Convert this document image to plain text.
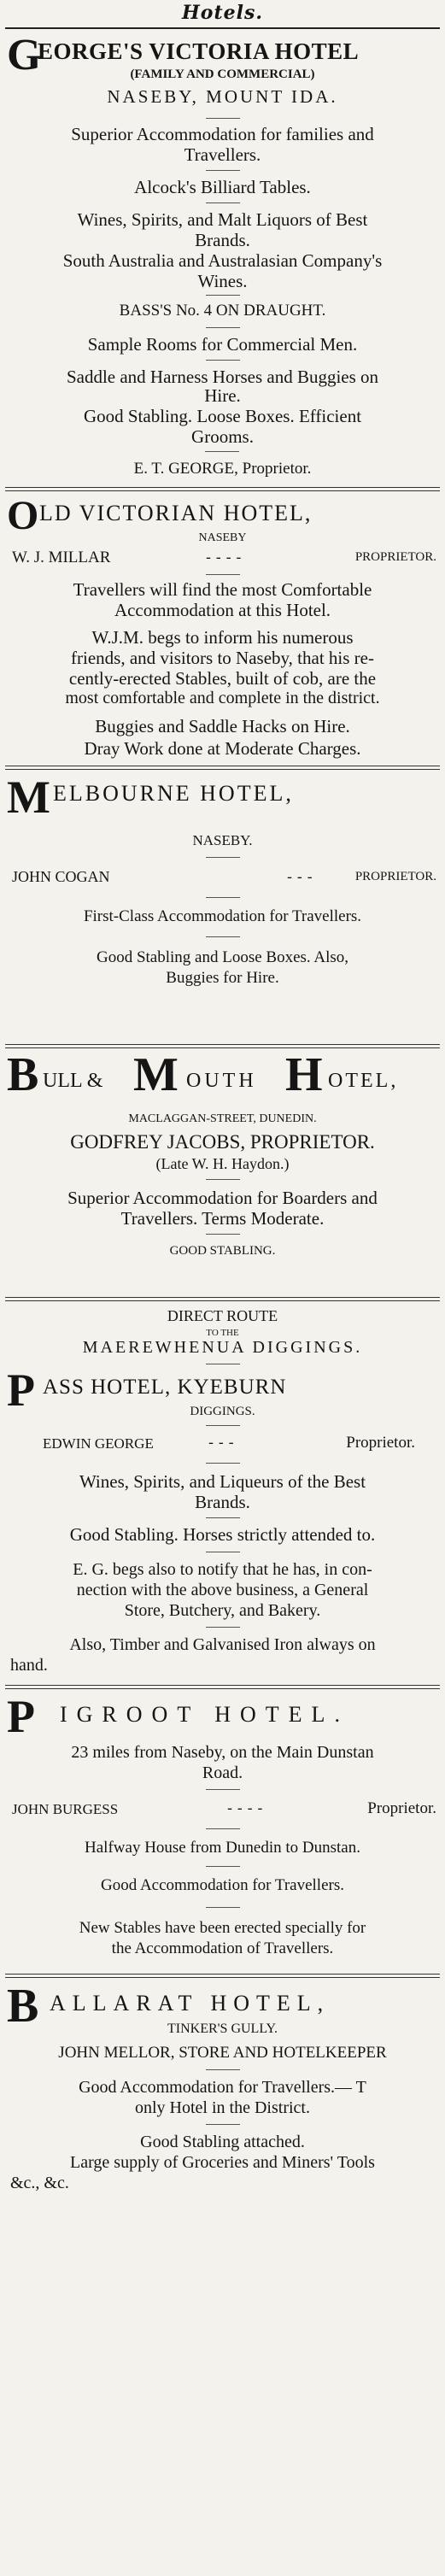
Hotels.
G
EORGE'S VICTORIA HOTEL
(FAMILY AND COMMERCIAL)
NASEBY, MOUNT IDA.
Superior Accommodation for families and
Travellers.
Alcock's Billiard Tables.
Wines, Spirits, and Malt Liquors of Best
Brands.
South Australia and Australasian Company's
Wines.
BASS'S No. 4 ON DRAUGHT.
Sample Rooms for Commercial Men.
Saddle and Harness Horses and Buggies on
Hire.
Good Stabling. Loose Boxes. Efficient
Grooms.
E. T. GEORGE, Proprietor.
O LD VICTORIAN HOTEL,
NASEBY
W. J. MILLAR	- - - -	PROPRIETOR.
Travellers will find the most Comfortable
Accommodation at this Hotel.
W.J.M. begs to inform his numerous
friends, and visitors to Naseby, that his re-
cently-erected Stables, built of cob, are the
most comfortable and complete in the district.
Buggies and Saddle Hacks on Hire.
Dray Work done at Moderate Charges.
M ELBOURNE HOTEL,
NASEBY.
JOHN COGAN	- - -	PROPRIETOR.
First-Class Accommodation for Travellers.
Good Stabling and Loose Boxes. Also,
Buggies for Hire.
B ULL & M OUTH H OTEL,
MACLAGGAN-STREET, DUNEDIN.
GODFREY JACOBS, PROPRIETOR.
(Late W. H. Haydon.)
Superior Accommodation for Boarders and
Travellers. Terms Moderate.
GOOD STABLING.
DIRECT ROUTE
TO THE
MAEREWHENUA DIGGINGS.
P ASS HOTEL, KYEBURN
DIGGINGS.
EDWIN GEORGE	- - -	Proprietor.
Wines, Spirits, and Liqueurs of the Best
Brands.
Good Stabling. Horses strictly attended to.
E. G. begs also to notify that he has, in con-
nection with the above business, a General
Store, Butchery, and Bakery.
Also, Timber and Galvanised Iron always on
hand.
P IGROOT HOTEL.
23 miles from Naseby, on the Main Dunstan
Road.
JOHN BURGESS	- - - -	Proprietor.
Halfway House from Dunedin to Dunstan.
Good Accommodation for Travellers.
New Stables have been erected specially for
the Accommodation of Travellers.
B ALLARAT HOTEL,
TINKER'S GULLY.
JOHN MELLOR, STORE AND HOTELKEEPER
Good Accommodation for Travellers.— T
only Hotel in the District.
Good Stabling attached.
Large supply of Groceries and Miners' Tools
&c., &c.
